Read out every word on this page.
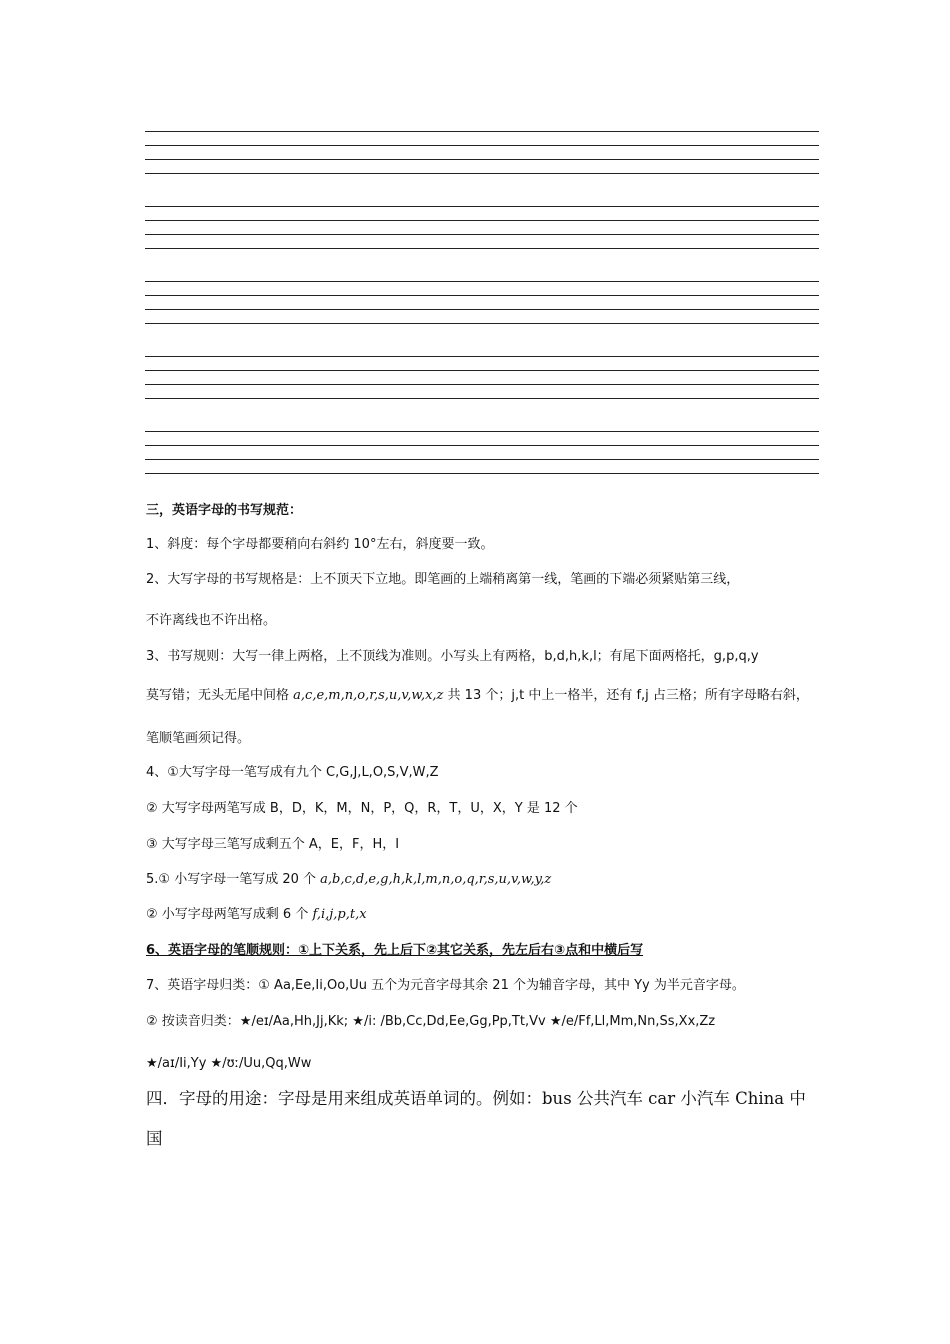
三，英语字母的书写规范：
1、斜度：每个字母都要稍向右斜约 10°左右，斜度要一致。
2、大写字母的书写规格是：上不顶天下立地。即笔画的上端稍离第一线，笔画的下端必须紧贴第三线，
不许离线也不许出格。
3、书写规则：大写一律上两格，上不顶线为准则。小写头上有两格，b,d,h,k,l；有尾下面两格托，g,p,q,y
莫写错；无头无尾中间格 a,c,e,m,n,o,r,s,u,v,w,x,z 共 13 个；j,t 中上一格半，还有 f,j 占三格；所有字母略右斜，
笔顺笔画须记得。
4、①大写字母一笔写成有九个 C,G,J,L,O,S,V,W,Z
② 大写字母两笔写成 B，D，K，M，N，P，Q，R，T，U，X，Y 是 12 个
③ 大写字母三笔写成剩五个 A，E，F，H，I
5.① 小写字母一笔写成 20 个 a,b,c,d,e,g,h,k,l,m,n,o,q,r,s,u,v,w,y,z
② 小写字母两笔写成剩 6 个 f,i,j,p,t,x
6、英语字母的笔顺规则：①上下关系，先上后下②其它关系，先左后右③点和中横后写
7、英语字母归类：① Aa,Ee,Ii,Oo,Uu 五个为元音字母其余 21 个为辅音字母，其中 Yy 为半元音字母。
② 按读音归类：★/eɪ/Aa,Hh,Jj,Kk; ★/i: /Bb,Cc,Dd,Ee,Gg,Pp,Tt,Vv ★/e/Ff,Ll,Mm,Nn,Ss,Xx,Zz
★/aɪ/Ii,Yy ★/ʊː/Uu,Qq,Ww
四．字母的用途：字母是用来组成英语单词的。例如：bus 公共汽车 car 小汽车 China 中
国
